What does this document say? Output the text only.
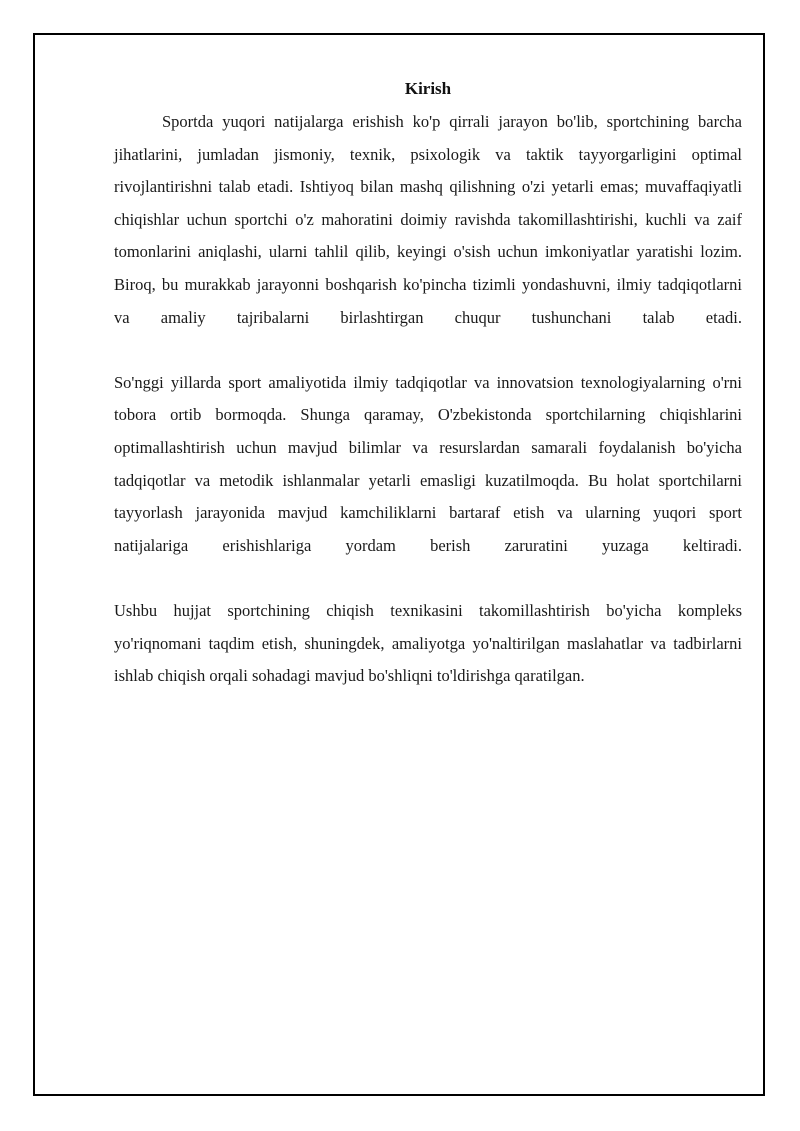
Kirish

Sportda yuqori natijalarga erishish ko'p qirrali jarayon bo'lib, sportchining barcha jihatlarini, jumladan jismoniy, texnik, psixologik va taktik tayyorgarligini optimal rivojlantirishni talab etadi. Ishtiyoq bilan mashq qilishning o'zi yetarli emas; muvaffaqiyatli chiqishlar uchun sportchi o'z mahoratini doimiy ravishda takomillashtirishi, kuchli va zaif tomonlarini aniqlashi, ularni tahlil qilib, keyingi o'sish uchun imkoniyatlar yaratishi lozim. Biroq, bu murakkab jarayonni boshqarish ko'pincha tizimli yondashuvni, ilmiy tadqiqotlarni va amaliy tajribalarni birlashtirgan chuqur tushunchani talab etadi.

So'nggi yillarda sport amaliyotida ilmiy tadqiqotlar va innovatsion texnologiyalarning o'rni tobora ortib bormoqda. Shunga qaramay, O'zbekistonda sportchilarning chiqishlarini optimallashtirish uchun mavjud bilimlar va resurslardan samarali foydalanish bo'yicha tadqiqotlar va metodik ishlanmalar yetarli emasligi kuzatilmoqda. Bu holat sportchilarni tayyorlash jarayonida mavjud kamchiliklarni bartaraf etish va ularning yuqori sport natijalariga erishishlariga yordam berish zaruratini yuzaga keltiradi.

Ushbu hujjat sportchining chiqish texnikasini takomillashtirish bo'yicha kompleks yo'riqnomani taqdim etish, shuningdek, amaliyotga yo'naltirilgan maslahatlar va tadbirlarni ishlab chiqish orqali sohadagi mavjud bo'shliqni to'ldirishga qaratilgan.
